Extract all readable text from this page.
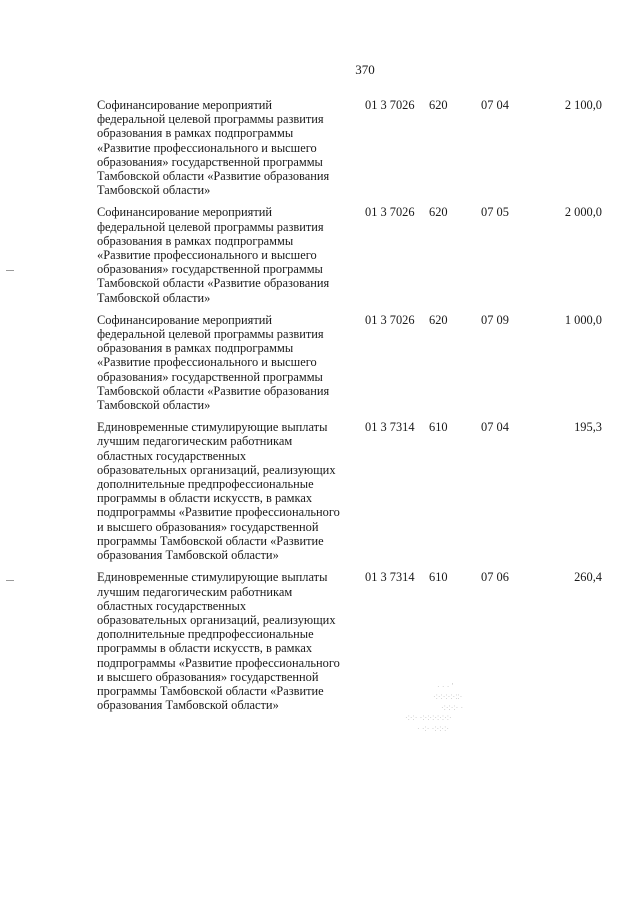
370
Софинансирование мероприятий
федеральной целевой программы развития
образования в рамках подпрограммы
«Развитие профессионального и высшего
образования» государственной программы
Тамбовской области «Развитие образования
Тамбовской области»
01 3 7026	620	07 04	2 100,0
Софинансирование мероприятий
федеральной целевой программы развития
образования в рамках подпрограммы
«Развитие профессионального и высшего
образования» государственной программы
Тамбовской области «Развитие образования
Тамбовской области»
01 3 7026	620	07 05	2 000,0
Софинансирование мероприятий
федеральной целевой программы развития
образования в рамках подпрограммы
«Развитие профессионального и высшего
образования» государственной программы
Тамбовской области «Развитие образования
Тамбовской области»
01 3 7026	620	07 09	1 000,0
Единовременные стимулирующие выплаты
лучшим педагогическим работникам
областных государственных
образовательных организаций, реализующих
дополнительные предпрофессиональные
программы в области искусств, в рамках
подпрограммы «Развитие профессионального
и высшего образования» государственной
программы Тамбовской области «Развитие
образования Тамбовской области»
01 3 7314	610	07 04	195,3
Единовременные стимулирующие выплаты
лучшим педагогическим работникам
областных государственных
образовательных организаций, реализующих
дополнительные предпрофессиональные
программы в области искусств, в рамках
подпрограммы «Развитие профессионального
и высшего образования» государственной
программы Тамбовской области «Развитие
образования Тамбовской области»
01 3 7314	610	07 06	260,4
· · · '
·:·:·:·:·::·
·:·:·:· ·
·:·:· ·:·:·:·:·:·:·
· ·:· ·:·:·:·
